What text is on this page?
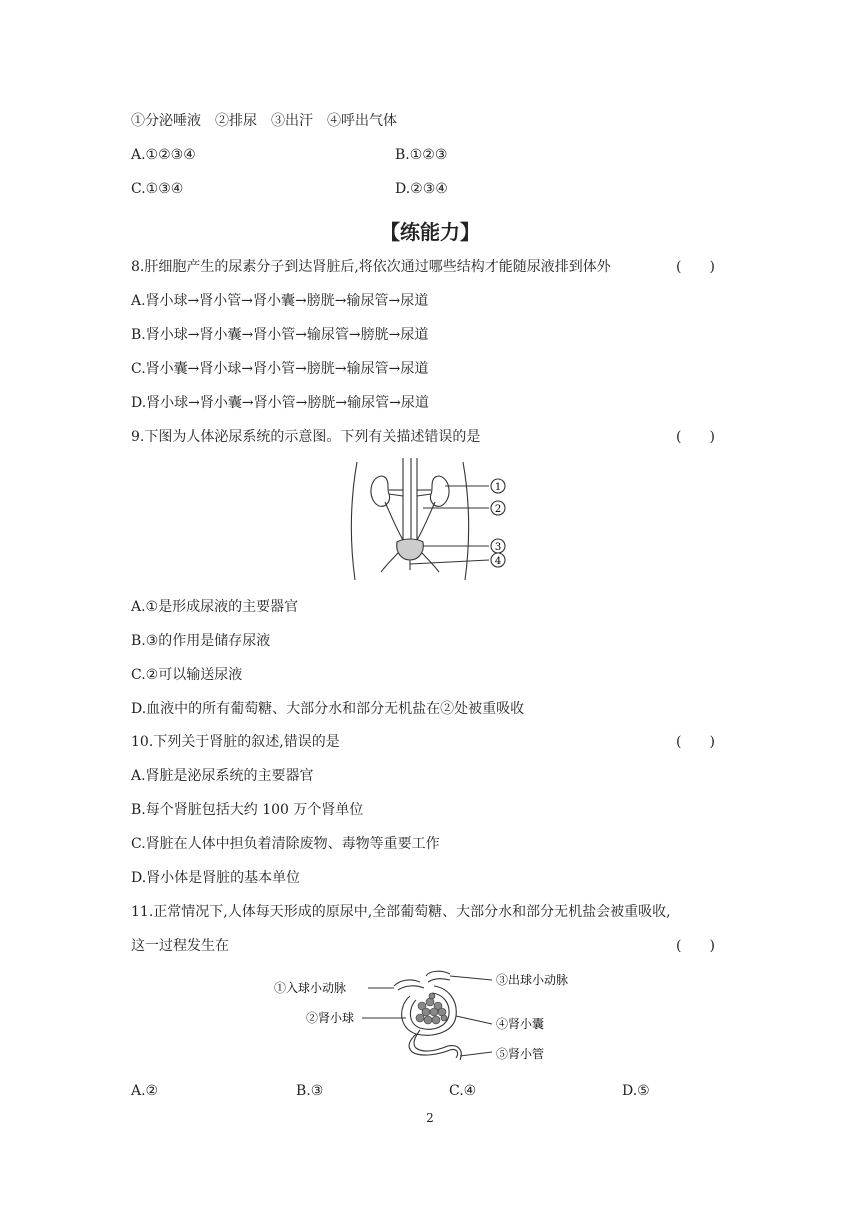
①分泌唾液　②排尿　③出汗　④呼出气体
A.①②③④	B.①②③
C.①③④	D.②③④
【练能力】
8.肝细胞产生的尿素分子到达肾脏后,将依次通过哪些结构才能随尿液排到体外	(　　)
A.肾小球→肾小管→肾小囊→膀胱→输尿管→尿道
B.肾小球→肾小囊→肾小管→输尿管→膀胱→尿道
C.肾小囊→肾小球→肾小管→膀胱→输尿管→尿道
D.肾小球→肾小囊→肾小管→膀胱→输尿管→尿道
9.下图为人体泌尿系统的示意图。下列有关描述错误的是	(　　)
1
2
3
4
A.①是形成尿液的主要器官
B.③的作用是储存尿液
C.②可以输送尿液
D.血液中的所有葡萄糖、大部分水和部分无机盐在②处被重吸收
10.下列关于肾脏的叙述,错误的是	(　　)
A.肾脏是泌尿系统的主要器官
B.每个肾脏包括大约 100 万个肾单位
C.肾脏在人体中担负着清除废物、毒物等重要工作
D.肾小体是肾脏的基本单位
11.正常情况下,人体每天形成的原尿中,全部葡萄糖、大部分水和部分无机盐会被重吸收,
这一过程发生在	(　　)
①入球小动脉
②肾小球
③出球小动脉
④肾小囊
⑤肾小管
A.②	B.③	C.④	D.⑤
2
